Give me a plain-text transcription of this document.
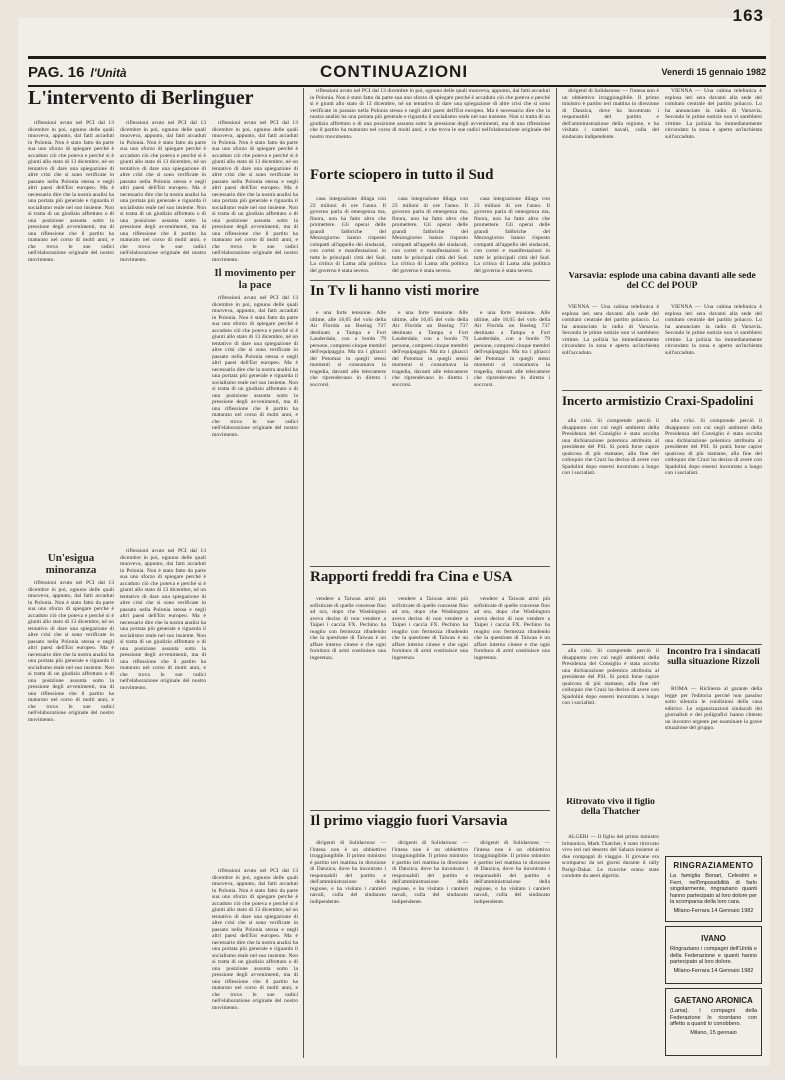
163
PAG. 16 l'Unità	CONTINUAZIONI	Venerdì 15 gennaio 1982
L'intervento di Berlinguer

riflessioni avuto nel PCI dal 13 dicembre in poi, ognuno delle quali muoveva, appunto, dai fatti accaduti in Polonia. Non è stato fatto da parte sua uno sforzo di spiegare perché è accaduto ciò che poteva e perché si è giunti allo stato di 13 dicembre, né un tentativo di dare una spiegazione di altre crisi che si sono verificate in passato nella Polonia stessa e negli altri paesi dell'Est europeo. Ma è necessario dire che la nostra analisi ha una portata più generale e riguarda il socialismo reale nel suo insieme. Non si tratta di un giudizio affrettato o di una posizione assunta sotto la pressione degli avvenimenti, ma di una riflessione che il partito ha maturato nel corso di molti anni, e che trova le sue radici nell'elaborazione originale del nostro movimento.

riflessioni avuto nel PCI dal 13 dicembre in poi, ognuno delle quali muoveva, appunto, dai fatti accaduti in Polonia. Non è stato fatto da parte sua uno sforzo di spiegare perché è accaduto ciò che poteva e perché si è giunti allo stato di 13 dicembre, né un tentativo di dare una spiegazione di altre crisi che si sono verificate in passato nella Polonia stessa e negli altri paesi dell'Est europeo. Ma è necessario dire che la nostra analisi ha una portata più generale e riguarda il socialismo reale nel suo insieme. Non si tratta di un giudizio affrettato o di una posizione assunta sotto la pressione degli avvenimenti, ma di una riflessione che il partito ha maturato nel corso di molti anni, e che trova le sue radici nell'elaborazione originale del nostro movimento.

riflessioni avuto nel PCI dal 13 dicembre in poi, ognuno delle quali muoveva, appunto, dai fatti accaduti in Polonia. Non è stato fatto da parte sua uno sforzo di spiegare perché è accaduto ciò che poteva e perché si è giunti allo stato di 13 dicembre, né un tentativo di dare una spiegazione di altre crisi che si sono verificate in passato nella Polonia stessa e negli altri paesi dell'Est europeo. Ma è necessario dire che la nostra analisi ha una portata più generale e riguarda il socialismo reale nel suo insieme. Non si tratta di un giudizio affrettato o di una posizione assunta sotto la pressione degli avvenimenti, ma di una riflessione che il partito ha maturato nel corso di molti anni, e che trova le sue radici nell'elaborazione originale del nostro movimento.

Il movimento per la pace

riflessioni avuto nel PCI dal 13 dicembre in poi, ognuno delle quali muoveva, appunto, dai fatti accaduti in Polonia. Non è stato fatto da parte sua uno sforzo di spiegare perché è accaduto ciò che poteva e perché si è giunti allo stato di 13 dicembre, né un tentativo di dare una spiegazione di altre crisi che si sono verificate in passato nella Polonia stessa e negli altri paesi dell'Est europeo. Ma è necessario dire che la nostra analisi ha una portata più generale e riguarda il socialismo reale nel suo insieme. Non si tratta di un giudizio affrettato o di una posizione assunta sotto la pressione degli avvenimenti, ma di una riflessione che il partito ha maturato nel corso di molti anni, e che trova le sue radici nell'elaborazione originale del nostro movimento.

Un'esigua minoranza

riflessioni avuto nel PCI dal 13 dicembre in poi, ognuno delle quali muoveva, appunto, dai fatti accaduti in Polonia. Non è stato fatto da parte sua uno sforzo di spiegare perché è accaduto ciò che poteva e perché si è giunti allo stato di 13 dicembre, né un tentativo di dare una spiegazione di altre crisi che si sono verificate in passato nella Polonia stessa e negli altri paesi dell'Est europeo. Ma è necessario dire che la nostra analisi ha una portata più generale e riguarda il socialismo reale nel suo insieme. Non si tratta di un giudizio affrettato o di una posizione assunta sotto la pressione degli avvenimenti, ma di una riflessione che il partito ha maturato nel corso di molti anni, e che trova le sue radici nell'elaborazione originale del nostro movimento.

riflessioni avuto nel PCI dal 13 dicembre in poi, ognuno delle quali muoveva, appunto, dai fatti accaduti in Polonia. Non è stato fatto da parte sua uno sforzo di spiegare perché è accaduto ciò che poteva e perché si è giunti allo stato di 13 dicembre, né un tentativo di dare una spiegazione di altre crisi che si sono verificate in passato nella Polonia stessa e negli altri paesi dell'Est europeo. Ma è necessario dire che la nostra analisi ha una portata più generale e riguarda il socialismo reale nel suo insieme. Non si tratta di un giudizio affrettato o di una posizione assunta sotto la pressione degli avvenimenti, ma di una riflessione che il partito ha maturato nel corso di molti anni, e che trova le sue radici nell'elaborazione originale del nostro movimento.

riflessioni avuto nel PCI dal 13 dicembre in poi, ognuno delle quali muoveva, appunto, dai fatti accaduti in Polonia. Non è stato fatto da parte sua uno sforzo di spiegare perché è accaduto ciò che poteva e perché si è giunti allo stato di 13 dicembre, né un tentativo di dare una spiegazione di altre crisi che si sono verificate in passato nella Polonia stessa e negli altri paesi dell'Est europeo. Ma è necessario dire che la nostra analisi ha una portata più generale e riguarda il socialismo reale nel suo insieme. Non si tratta di un giudizio affrettato o di una posizione assunta sotto la pressione degli avvenimenti, ma di una riflessione che il partito ha maturato nel corso di molti anni, e che trova le sue radici nell'elaborazione originale del nostro movimento.

Forte sciopero in tutto il Sud

casa integrazione dilaga con 23 milioni di ore l'anno. Il governo parla di emergenza ma, finora, non ha fatto altro che promettere. Gli operai delle grandi fabbriche del Mezzogiorno hanno risposto compatti all'appello dei sindacati, con cortei e manifestazioni in tutte le principali città del Sud. La critica di Lama alla politica del governo è stata severa.

casa integrazione dilaga con 23 milioni di ore l'anno. Il governo parla di emergenza ma, finora, non ha fatto altro che promettere. Gli operai delle grandi fabbriche del Mezzogiorno hanno risposto compatti all'appello dei sindacati, con cortei e manifestazioni in tutte le principali città del Sud. La critica di Lama alla politica del governo è stata severa.

casa integrazione dilaga con 23 milioni di ore l'anno. Il governo parla di emergenza ma, finora, non ha fatto altro che promettere. Gli operai delle grandi fabbriche del Mezzogiorno hanno risposto compatti all'appello dei sindacati, con cortei e manifestazioni in tutte le principali città del Sud. La critica di Lama alla politica del governo è stata severa.

riflessioni avuto nel PCI dal 13 dicembre in poi, ognuno delle quali muoveva, appunto, dai fatti accaduti in Polonia. Non è stato fatto da parte sua uno sforzo di spiegare perché è accaduto ciò che poteva e perché si è giunti allo stato di 13 dicembre, né un tentativo di dare una spiegazione di altre crisi che si sono verificate in passato nella Polonia stessa e negli altri paesi dell'Est europeo. Ma è necessario dire che la nostra analisi ha una portata più generale e riguarda il socialismo reale nel suo insieme. Non si tratta di un giudizio affrettato o di una posizione assunta sotto la pressione degli avvenimenti, ma di una riflessione che il partito ha maturato nel corso di molti anni, e che trova le sue radici nell'elaborazione originale del nostro movimento.

In Tv li hanno visti morire

e una forte tensione. Alle ultime, alle 16,05 del volo della Air Florida un Boeing 737 destinato a Tampa e Fort Lauderdale, con a bordo 79 persone, compresi cinque membri dell'equipaggio. Ma tra i ghiacci del Potomac in quegli stessi momenti si consumava la tragedia, davanti alle telecamere che riprendevano in diretta i soccorsi.

e una forte tensione. Alle ultime, alle 16,05 del volo della Air Florida un Boeing 737 destinato a Tampa e Fort Lauderdale, con a bordo 79 persone, compresi cinque membri dell'equipaggio. Ma tra i ghiacci del Potomac in quegli stessi momenti si consumava la tragedia, davanti alle telecamere che riprendevano in diretta i soccorsi.

e una forte tensione. Alle ultime, alle 16,05 del volo della Air Florida un Boeing 737 destinato a Tampa e Fort Lauderdale, con a bordo 79 persone, compresi cinque membri dell'equipaggio. Ma tra i ghiacci del Potomac in quegli stessi momenti si consumava la tragedia, davanti alle telecamere che riprendevano in diretta i soccorsi.

Rapporti freddi fra Cina e USA

vendere a Taiwan armi più sofisticate di quelle concesse fino ad ora, dopo che Washington aveva deciso di non vendere a Taipei i caccia FX. Pechino ha reagito con fermezza ribadendo che la questione di Taiwan è un affare interno cinese e che ogni fornitura di armi costituisce una ingerenza.

vendere a Taiwan armi più sofisticate di quelle concesse fino ad ora, dopo che Washington aveva deciso di non vendere a Taipei i caccia FX. Pechino ha reagito con fermezza ribadendo che la questione di Taiwan è un affare interno cinese e che ogni fornitura di armi costituisce una ingerenza.

vendere a Taiwan armi più sofisticate di quelle concesse fino ad ora, dopo che Washington aveva deciso di non vendere a Taipei i caccia FX. Pechino ha reagito con fermezza ribadendo che la questione di Taiwan è un affare interno cinese e che ogni fornitura di armi costituisce una ingerenza.

Il primo viaggio fuori Varsavia

dirigenti di Solidarnosc — l'intesa non è un obbiettivo irraggiungibile. Il primo ministro è partito ieri mattina in direzione di Danzica, dove ha incontrato i responsabili del partito e dell'amministrazione della regione, e ha visitato i cantieri navali, culla del sindacato indipendente.

dirigenti di Solidarnosc — l'intesa non è un obbiettivo irraggiungibile. Il primo ministro è partito ieri mattina in direzione di Danzica, dove ha incontrato i responsabili del partito e dell'amministrazione della regione, e ha visitato i cantieri navali, culla del sindacato indipendente.

dirigenti di Solidarnosc — l'intesa non è un obbiettivo irraggiungibile. Il primo ministro è partito ieri mattina in direzione di Danzica, dove ha incontrato i responsabili del partito e dell'amministrazione della regione, e ha visitato i cantieri navali, culla del sindacato indipendente.

dirigenti di Solidarnosc — l'intesa non è un obbiettivo irraggiungibile. Il primo ministro è partito ieri mattina in direzione di Danzica, dove ha incontrato i responsabili del partito e dell'amministrazione della regione, e ha visitato i cantieri navali, culla del sindacato indipendente.

VIENNA — Una cabina telefonica è esplosa ieri sera davanti alla sede del comitato centrale del partito polacco. Lo ha annunciato la radio di Varsavia. Secondo le prime notizie non vi sarebbero vittime. La polizia ha immediatamente circondato la zona e aperto un'inchiesta sull'accaduto.

Varsavia: esplode una cabina davanti alle sede del CC del POUP

VIENNA — Una cabina telefonica è esplosa ieri sera davanti alla sede del comitato centrale del partito polacco. Lo ha annunciato la radio di Varsavia. Secondo le prime notizie non vi sarebbero vittime. La polizia ha immediatamente circondato la zona e aperto un'inchiesta sull'accaduto.

VIENNA — Una cabina telefonica è esplosa ieri sera davanti alla sede del comitato centrale del partito polacco. Lo ha annunciato la radio di Varsavia. Secondo le prime notizie non vi sarebbero vittime. La polizia ha immediatamente circondato la zona e aperto un'inchiesta sull'accaduto.

Incerto armistizio Craxi-Spadolini

alla crisi. Si comprende perciò il disappunto con cui negli ambienti della Presidenza del Consiglio è stata accolta una dichiarazione polemica attribuita al presidente del PSI. Si potrà forse capire qualcosa di più stamane, alla fine del colloquio che Craxi ha deciso di avere con Spadolini dopo essersi incontrato a lungo con i socialisti.

alla crisi. Si comprende perciò il disappunto con cui negli ambienti della Presidenza del Consiglio è stata accolta una dichiarazione polemica attribuita al presidente del PSI. Si potrà forse capire qualcosa di più stamane, alla fine del colloquio che Craxi ha deciso di avere con Spadolini dopo essersi incontrato a lungo con i socialisti.

Incontro fra i sindacati sulla situazione Rizzoli

ROMA — Richiesta al garante della legge per l'editoria perché non passino sotto silenzio le condizioni della casa editrice. Le organizzazioni sindacali dei giornalisti e dei poligrafici hanno chiesto un incontro urgente per esaminare la grave situazione del gruppo.

alla crisi. Si comprende perciò il disappunto con cui negli ambienti della Presidenza del Consiglio è stata accolta una dichiarazione polemica attribuita al presidente del PSI. Si potrà forse capire qualcosa di più stamane, alla fine del colloquio che Craxi ha deciso di avere con Spadolini dopo essersi incontrato a lungo con i socialisti.

Ritrovato vivo il figlio della Thatcher

ALGERI — Il figlio del primo ministro britannico, Mark Thatcher, è stato ritrovato vivo ieri nel deserto del Sahara insieme ai due compagni di viaggio. Il giovane era scomparso da sei giorni durante il rally Parigi-Dakar. Le ricerche erano state condotte da aerei algerini.

RINGRAZIAMENTO
La famiglia Bonari, Celestini e Ferri, nell'impossibilità di farlo singolarmente, ringraziano quanti hanno partecipato al loro dolore per la scomparsa della loro cara.
Milano-Ferrara 14 Gennaio 1982
IVANO
Ringraziano i compagni dell'Unità e della Federazione e quanti hanno partecipato al loro dolore.
Milano-Ferrara 14 Gennaio 1982
GAETANO ARONICA
(Lama). I compagni della Federazione lo ricordano con affetto a quanti lo conobbero.
Milano, 15 gennaio
